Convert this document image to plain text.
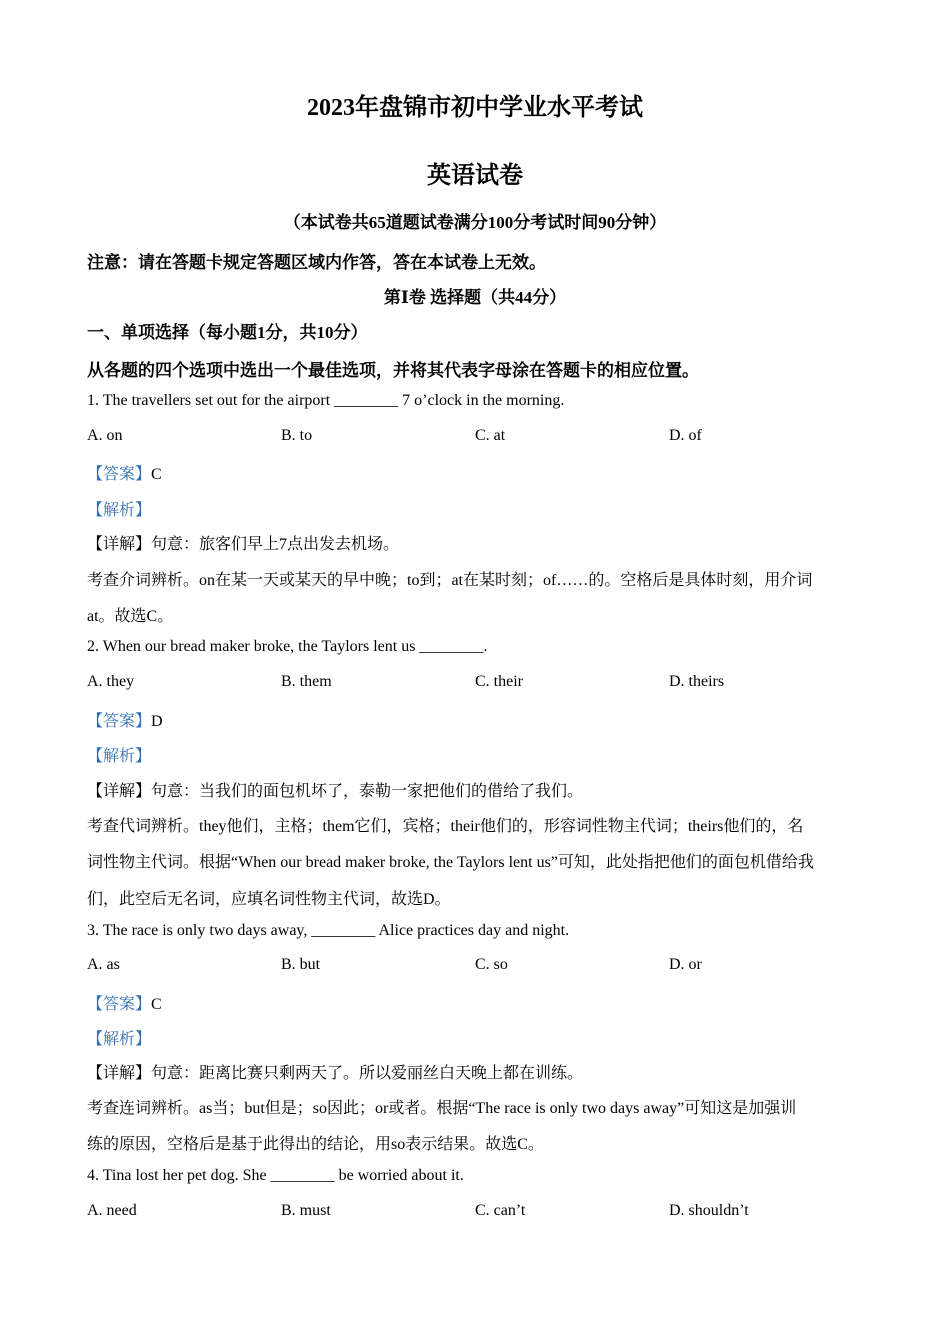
2023年盘锦市初中学业水平考试
英语试卷
（本试卷共65道题试卷满分100分考试时间90分钟）
注意：请在答题卡规定答题区域内作答，答在本试卷上无效。
第Ⅰ卷 选择题（共44分）
一、单项选择（每小题1分，共10分）
从各题的四个选项中选出一个最佳选项，并将其代表字母涂在答题卡的相应位置。
1. The travellers set out for the airport ________ 7 o’clock in the morning.
A. on	B. to	C. at	D. of
【答案】C
【解析】
【详解】句意：旅客们早上7点出发去机场。
考查介词辨析。on在某一天或某天的早中晚；to到；at在某时刻；of……的。空格后是具体时刻，用介词
at。故选C。
2. When our bread maker broke, the Taylors lent us ________.
A. they	B. them	C. their	D. theirs
【答案】D
【解析】
【详解】句意：当我们的面包机坏了，泰勒一家把他们的借给了我们。
考查代词辨析。they他们，主格；them它们，宾格；their他们的，形容词性物主代词；theirs他们的，名
词性物主代词。根据“When our bread maker broke, the Taylors lent us”可知，此处指把他们的面包机借给我
们，此空后无名词，应填名词性物主代词，故选D。
3. The race is only two days away, ________ Alice practices day and night.
A. as	B. but	C. so	D. or
【答案】C
【解析】
【详解】句意：距离比赛只剩两天了。所以爱丽丝白天晚上都在训练。
考查连词辨析。as当；but但是；so因此；or或者。根据“The race is only two days away”可知这是加强训
练的原因，空格后是基于此得出的结论，用so表示结果。故选C。
4. Tina lost her pet dog. She ________ be worried about it.
A. need	B. must	C. can’t	D. shouldn’t
